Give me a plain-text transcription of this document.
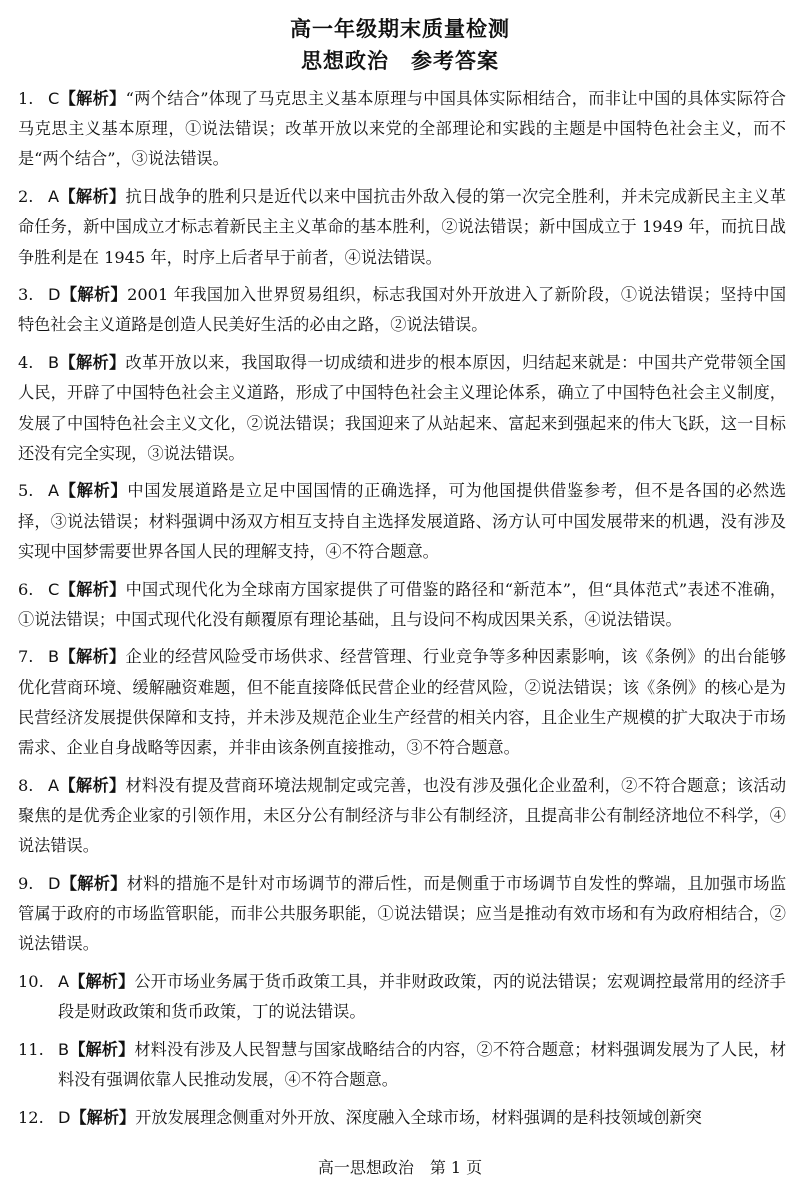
高一年级期末质量检测
思想政治 参考答案
1. C【解析】“两个结合”体现了马克思主义基本原理与中国具体实际相结合，而非让中国的具体实际符合马克思主义基本原理，①说法错误；改革开放以来党的全部理论和实践的主题是中国特色社会主义，而不是“两个结合”，③说法错误。
2. A【解析】抗日战争的胜利只是近代以来中国抗击外敌入侵的第一次完全胜利，并未完成新民主主义革命任务，新中国成立才标志着新民主主义革命的基本胜利，②说法错误；新中国成立于 1949 年，而抗日战争胜利是在 1945 年，时序上后者早于前者，④说法错误。
3. D【解析】2001 年我国加入世界贸易组织，标志我国对外开放进入了新阶段，①说法错误；坚持中国特色社会主义道路是创造人民美好生活的必由之路，②说法错误。
4. B【解析】改革开放以来，我国取得一切成绩和进步的根本原因，归结起来就是：中国共产党带领全国人民，开辟了中国特色社会主义道路，形成了中国特色社会主义理论体系，确立了中国特色社会主义制度，发展了中国特色社会主义文化，②说法错误；我国迎来了从站起来、富起来到强起来的伟大飞跃，这一目标还没有完全实现，③说法错误。
5. A【解析】中国发展道路是立足中国国情的正确选择，可为他国提供借鉴参考，但不是各国的必然选择，③说法错误；材料强调中汤双方相互支持自主选择发展道路、汤方认可中国发展带来的机遇，没有涉及实现中国梦需要世界各国人民的理解支持，④不符合题意。
6. C【解析】中国式现代化为全球南方国家提供了可借鉴的路径和“新范本”，但“具体范式”表述不准确，①说法错误；中国式现代化没有颠覆原有理论基础，且与设问不构成因果关系，④说法错误。
7. B【解析】企业的经营风险受市场供求、经营管理、行业竞争等多种因素影响，该《条例》的出台能够优化营商环境、缓解融资难题，但不能直接降低民营企业的经营风险，②说法错误；该《条例》的核心是为民营经济发展提供保障和支持，并未涉及规范企业生产经营的相关内容，且企业生产规模的扩大取决于市场需求、企业自身战略等因素，并非由该条例直接推动，③不符合题意。
8. A【解析】材料没有提及营商环境法规制定或完善，也没有涉及强化企业盈利，②不符合题意；该活动聚焦的是优秀企业家的引领作用，未区分公有制经济与非公有制经济，且提高非公有制经济地位不科学，④说法错误。
9. D【解析】材料的措施不是针对市场调节的滞后性，而是侧重于市场调节自发性的弊端，且加强市场监管属于政府的市场监管职能，而非公共服务职能，①说法错误；应当是推动有效市场和有为政府相结合，②说法错误。
10. A【解析】公开市场业务属于货币政策工具，并非财政政策，丙的说法错误；宏观调控最常用的经济手段是财政政策和货币政策，丁的说法错误。
11. B【解析】材料没有涉及人民智慧与国家战略结合的内容，②不符合题意；材料强调发展为了人民，材料没有强调依靠人民推动发展，④不符合题意。
12. D【解析】开放发展理念侧重对外开放、深度融入全球市场，材料强调的是科技领域创新突
高一思想政治　第 1 页
